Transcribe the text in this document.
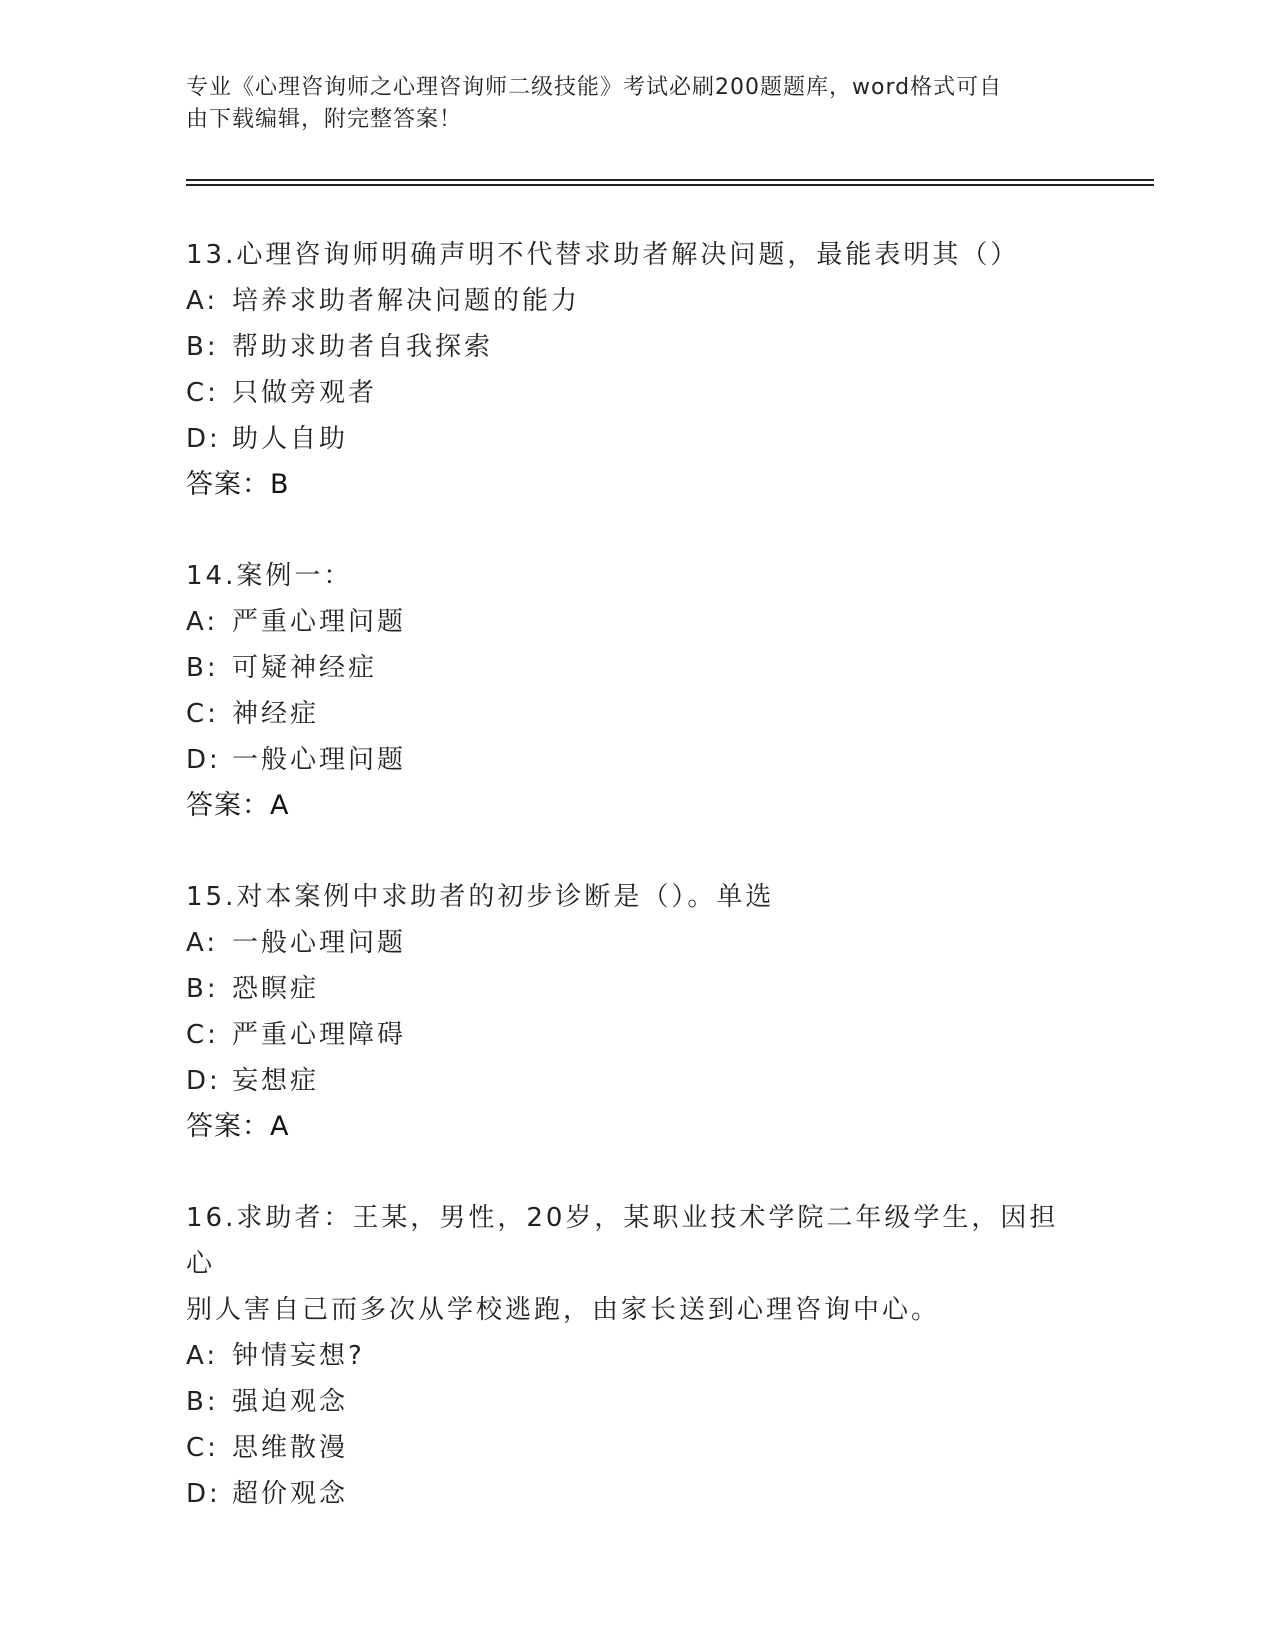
专业《心理咨询师之心理咨询师二级技能》考试必刷200题题库，word格式可自
由下载编辑，附完整答案！
13.心理咨询师明确声明不代替求助者解决问题，最能表明其（）
A: 培养求助者解决问题的能力
B: 帮助求助者自我探索
C: 只做旁观者
D: 助人自助
答案：B
14.案例一：
A: 严重心理问题
B: 可疑神经症
C: 神经症
D: 一般心理问题
答案：A
15.对本案例中求助者的初步诊断是（）。单选
A: 一般心理问题
B: 恐瞑症
C: 严重心理障碍
D: 妄想症
答案：A
16.求助者：王某，男性，20岁，某职业技术学院二年级学生，因担心
别人害自己而多次从学校逃跑，由家长送到心理咨询中心。
A: 钟情妄想?
B: 强迫观念
C: 思维散漫
D: 超价观念
